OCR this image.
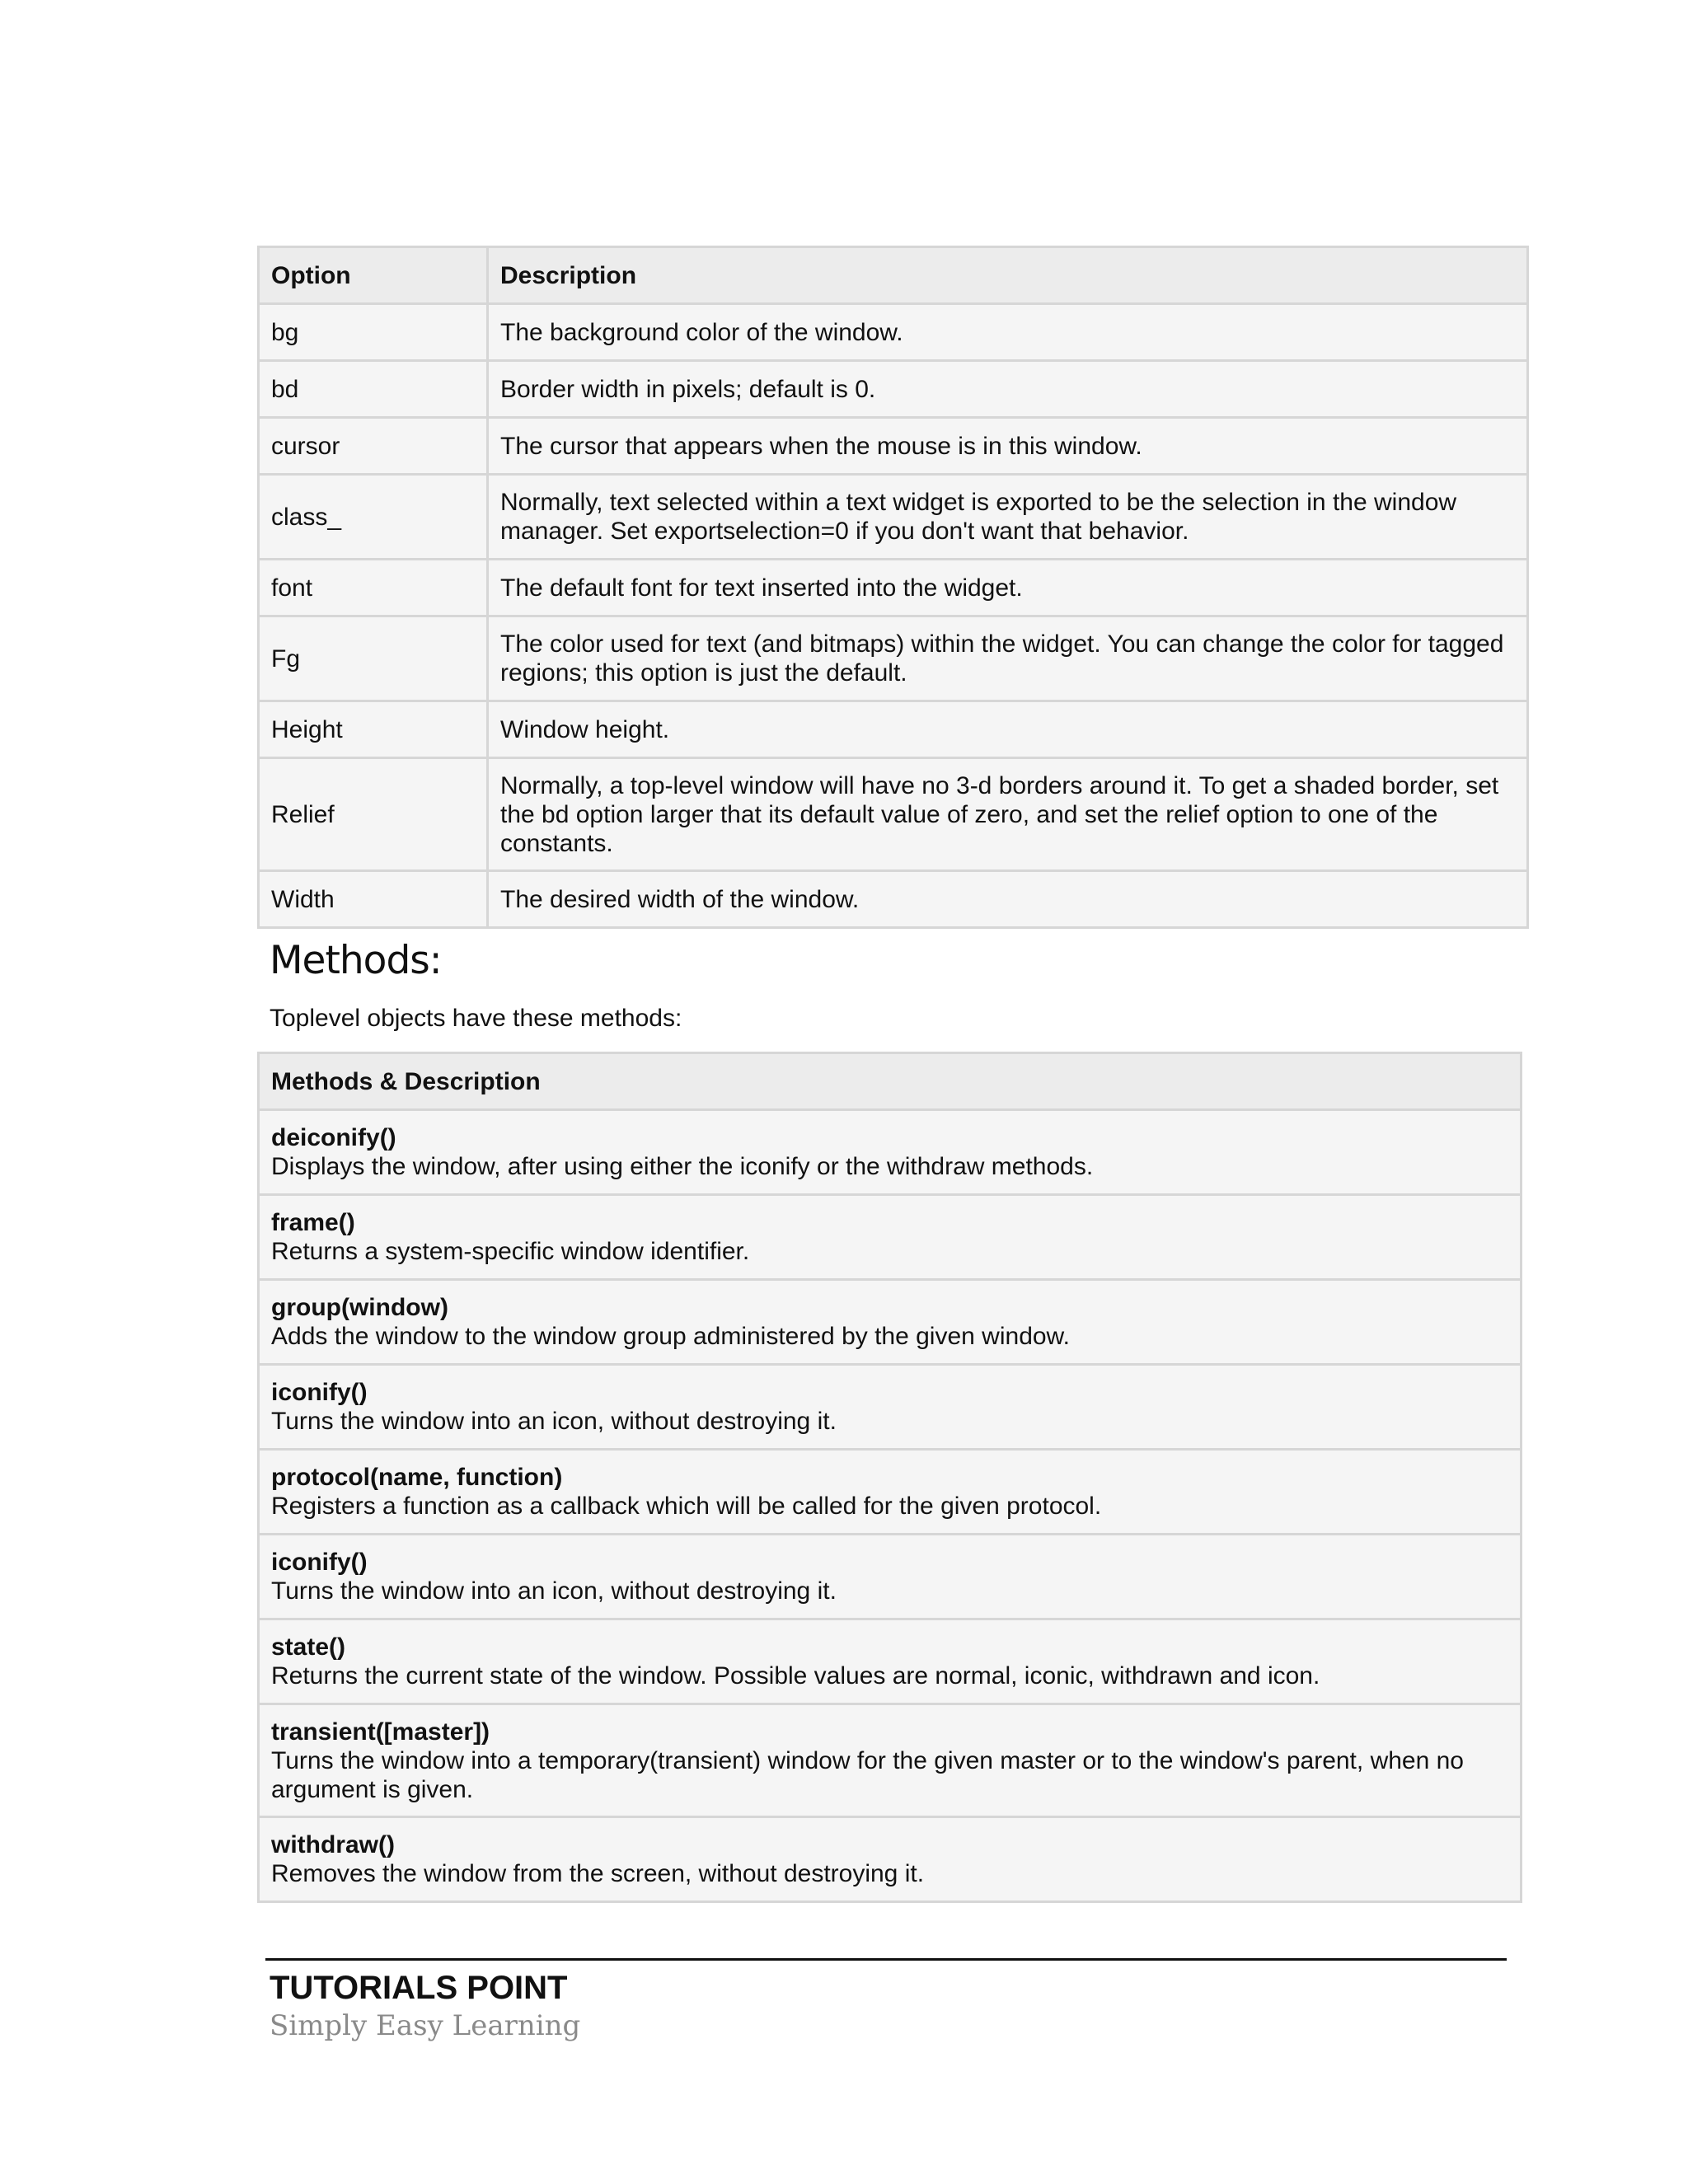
Option	Description
bg	The background color of the window.
bd	Border width in pixels; default is 0.
cursor	The cursor that appears when the mouse is in this window.
class_	Normally, text selected within a text widget is exported to be the selection in the window manager. Set exportselection=0 if you don't want that behavior.
font	The default font for text inserted into the widget.
Fg	The color used for text (and bitmaps) within the widget. You can change the color for tagged regions; this option is just the default.
Height	Window height.
Relief	Normally, a top-level window will have no 3-d borders around it. To get a shaded border, set the bd option larger that its default value of zero, and set the relief option to one of the constants.
Width	The desired width of the window.
Methods:

Toplevel objects have these methods:

Methods & Description

deiconify()
Displays the window, after using either the iconify or the withdraw methods.

frame()
Returns a system-specific window identifier.

group(window)
Adds the window to the window group administered by the given window.

iconify()
Turns the window into an icon, without destroying it.

protocol(name, function)
Registers a function as a callback which will be called for the given protocol.

iconify()
Turns the window into an icon, without destroying it.

state()
Returns the current state of the window. Possible values are normal, iconic, withdrawn and icon.

transient([master])
Turns the window into a temporary(transient) window for the given master or to the window's parent, when no argument is given.

withdraw()
Removes the window from the screen, without destroying it.
TUTORIALS POINT
Simply Easy Learning
